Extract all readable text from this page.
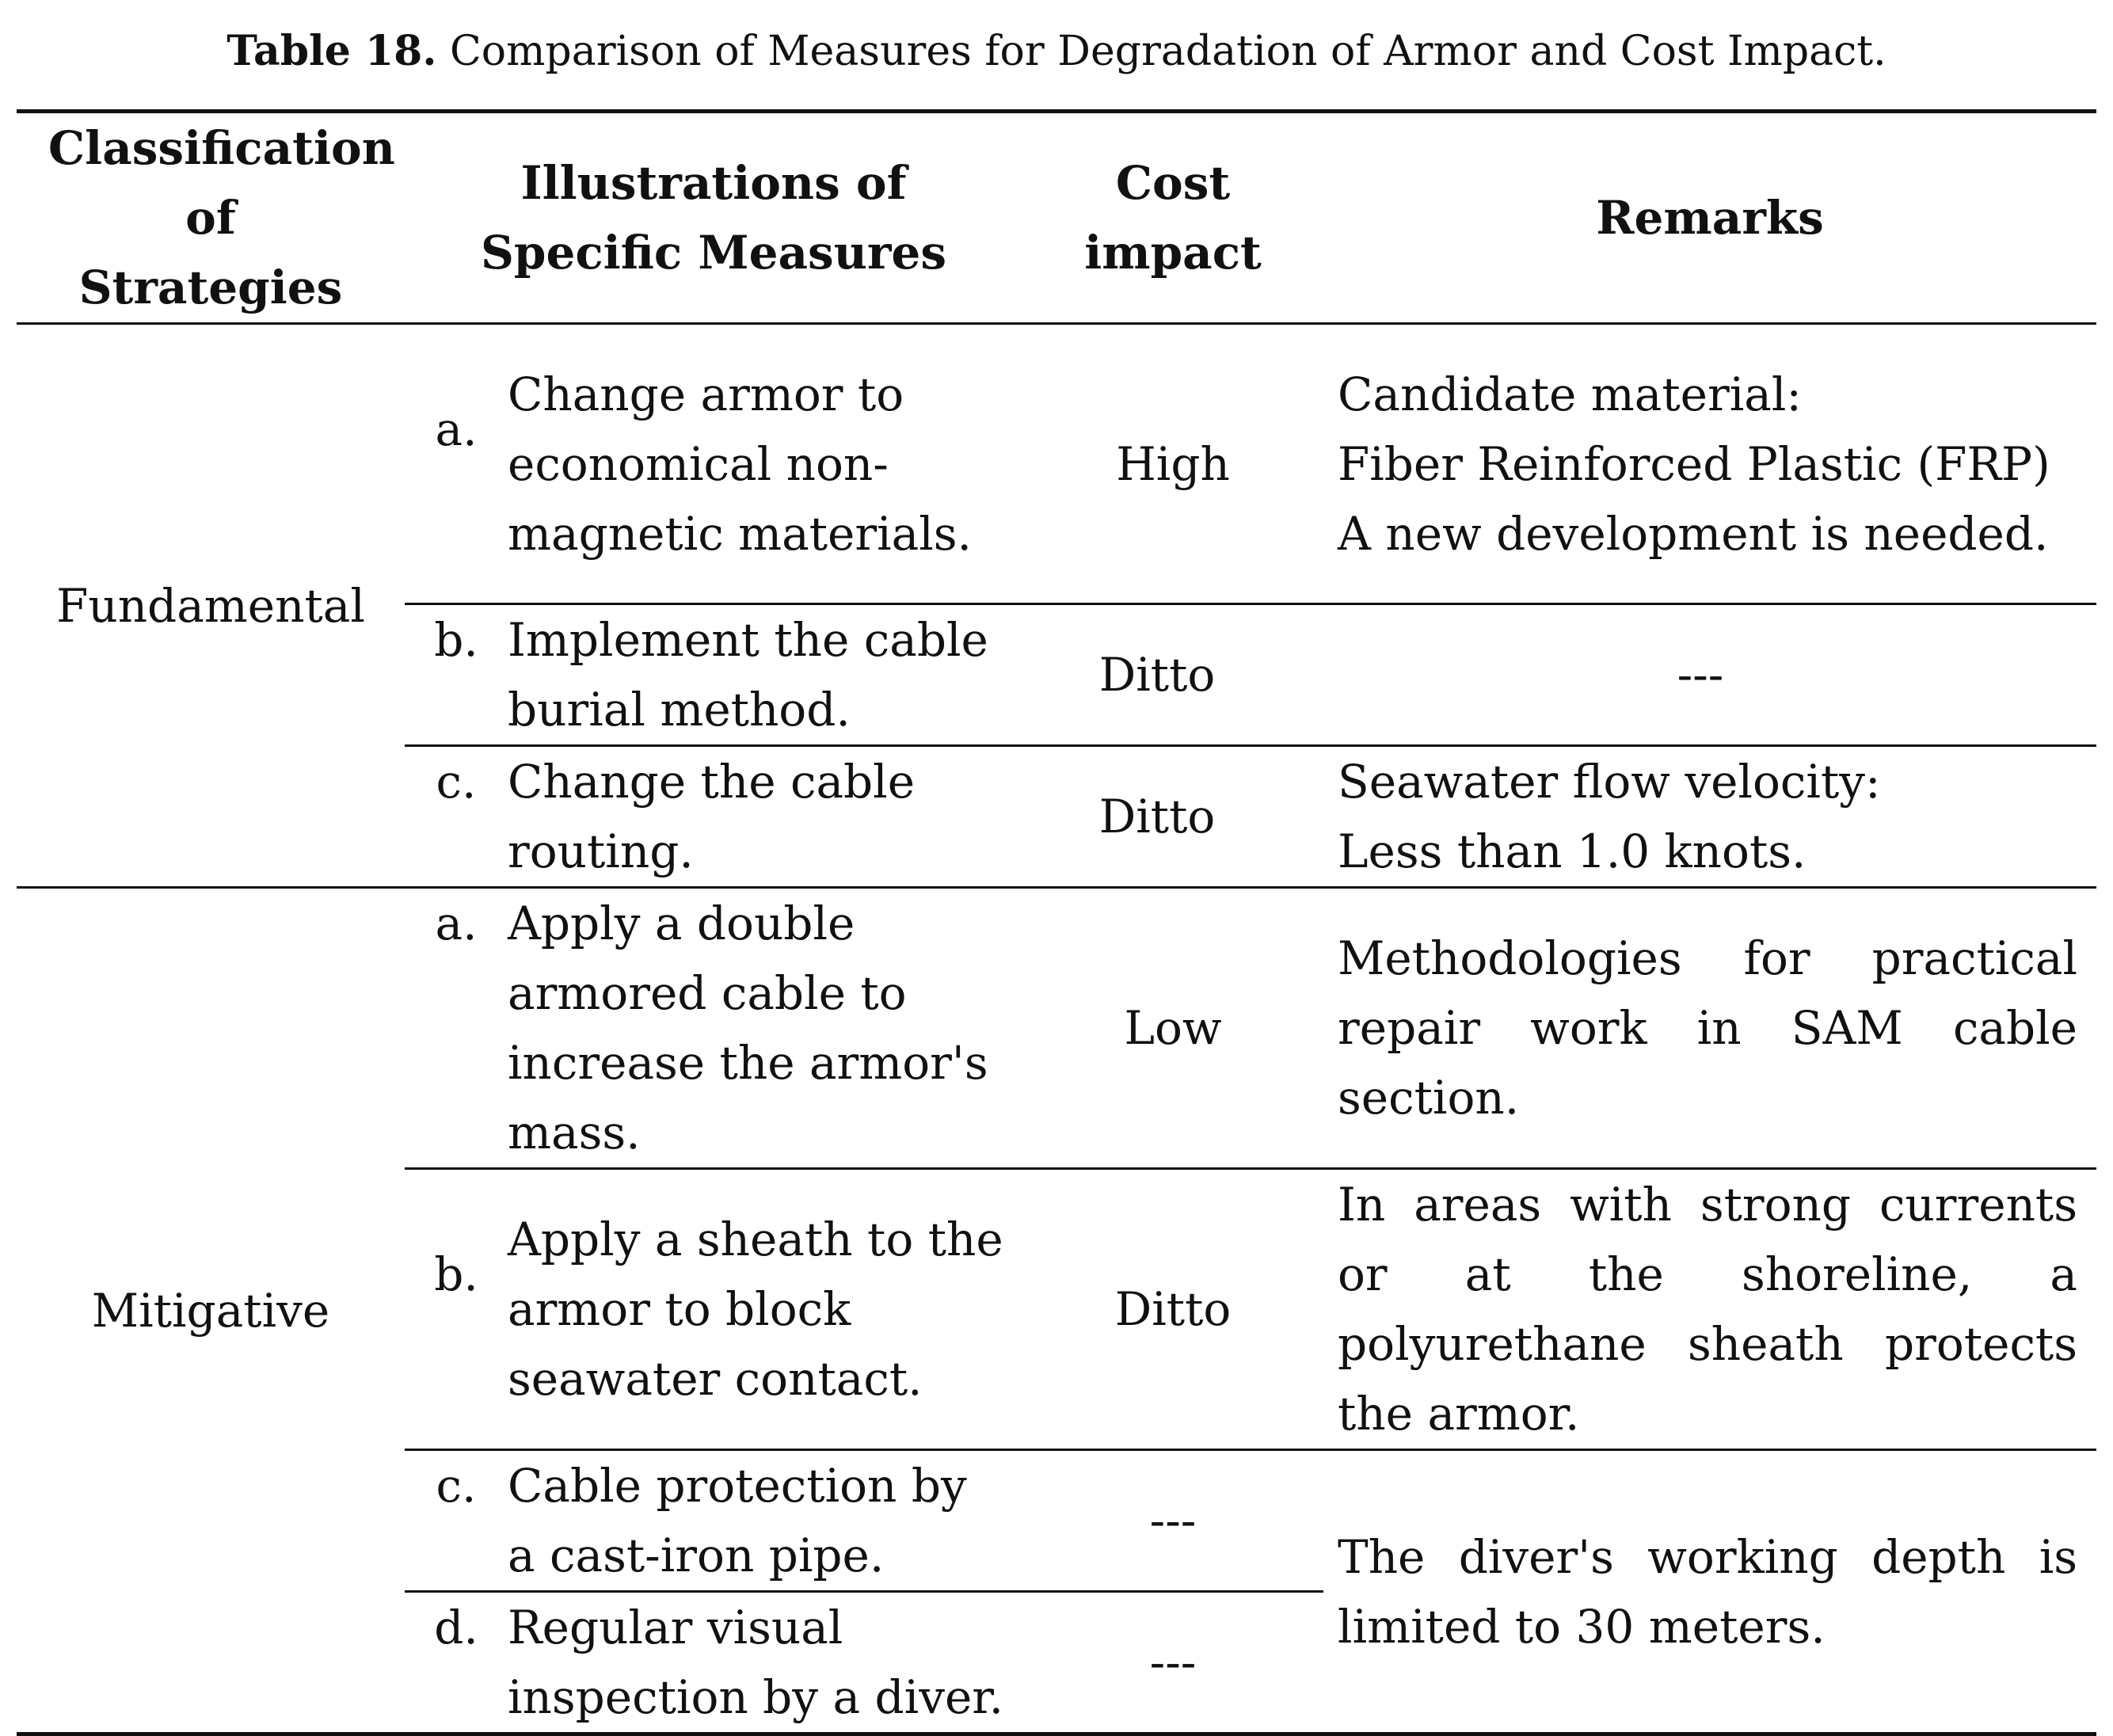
Table 18. Comparison of Measures for Degradation of Armor and Cost Impact.
Classification of Strategies	Illustrations of Specific Measures		Cost impact	Remarks
Fundamental	a.	Change armor to economical non-magnetic materials.	High	Candidate material:
Fiber Reinforced Plastic (FRP)
A new development is needed.

	b.	Implement the cable burial method.	Ditto	---
	c.	Change the cable routing.	Ditto	Seawater flow velocity:
Less than 1.0 knots.

Mitigative	a.	Apply a double armored cable to increase the armor's mass.	Low	Methodologies for practical repair work in SAM cable section.

	b.	Apply a sheath to the armor to block seawater contact.	Ditto	In areas with strong currents or at the shoreline, a polyurethane sheath protects the armor.
	c.	Cable protection by a cast-iron pipe.	---	The diver's working depth is limited to 30 meters.
	d.	Regular visual inspection by a diver.	---	
